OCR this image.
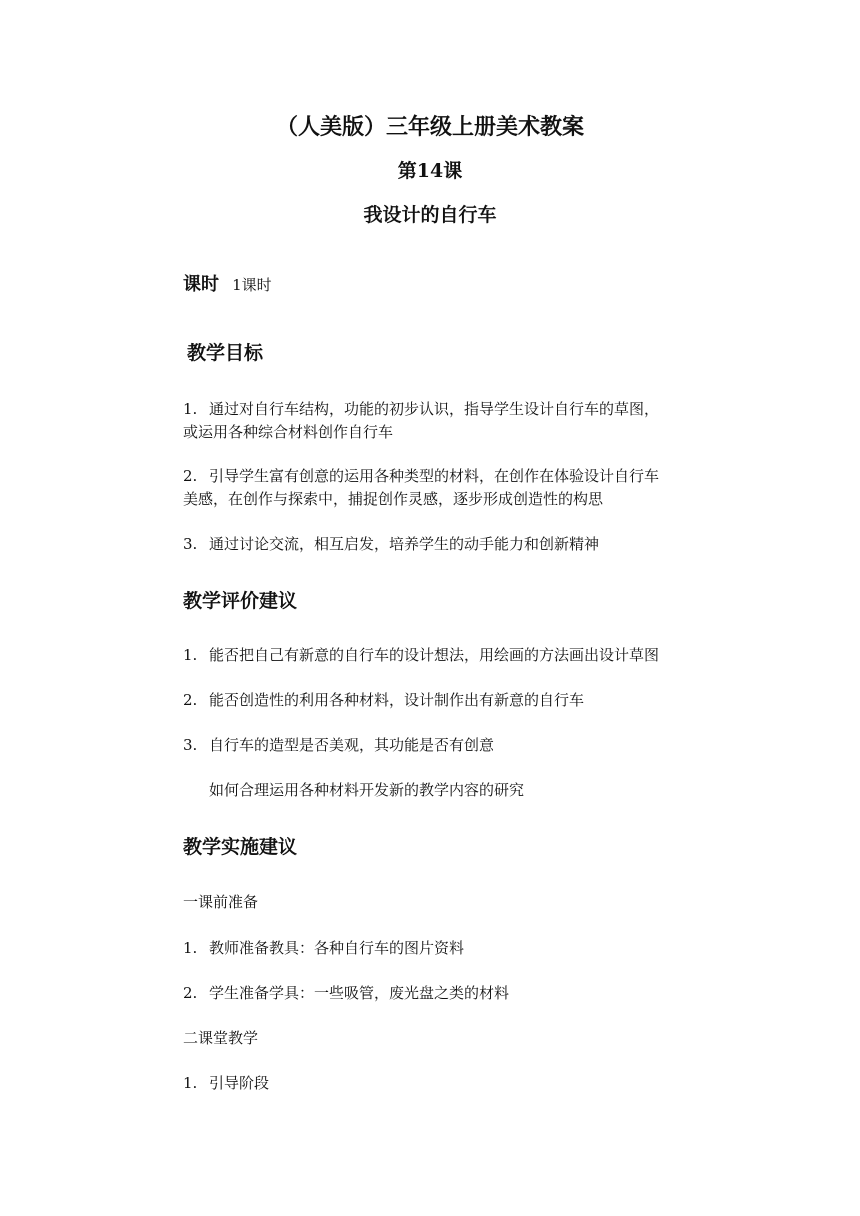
（人美版）三年级上册美术教案
第14课
我设计的自行车
课时 1课时
教学目标
1. 通过对自行车结构，功能的初步认识，指导学生设计自行车的草图，
或运用各种综合材料创作自行车
2. 引导学生富有创意的运用各种类型的材料，在创作在体验设计自行车
美感，在创作与探索中，捕捉创作灵感，逐步形成创造性的构思
3. 通过讨论交流，相互启发，培养学生的动手能力和创新精神
教学评价建议
1. 能否把自己有新意的自行车的设计想法，用绘画的方法画出设计草图
2. 能否创造性的利用各种材料，设计制作出有新意的自行车
3. 自行车的造型是否美观，其功能是否有创意
如何合理运用各种材料开发新的教学内容的研究
教学实施建议
一课前准备
1. 教师准备教具：各种自行车的图片资料
2. 学生准备学具：一些吸管，废光盘之类的材料
二课堂教学
1. 引导阶段
